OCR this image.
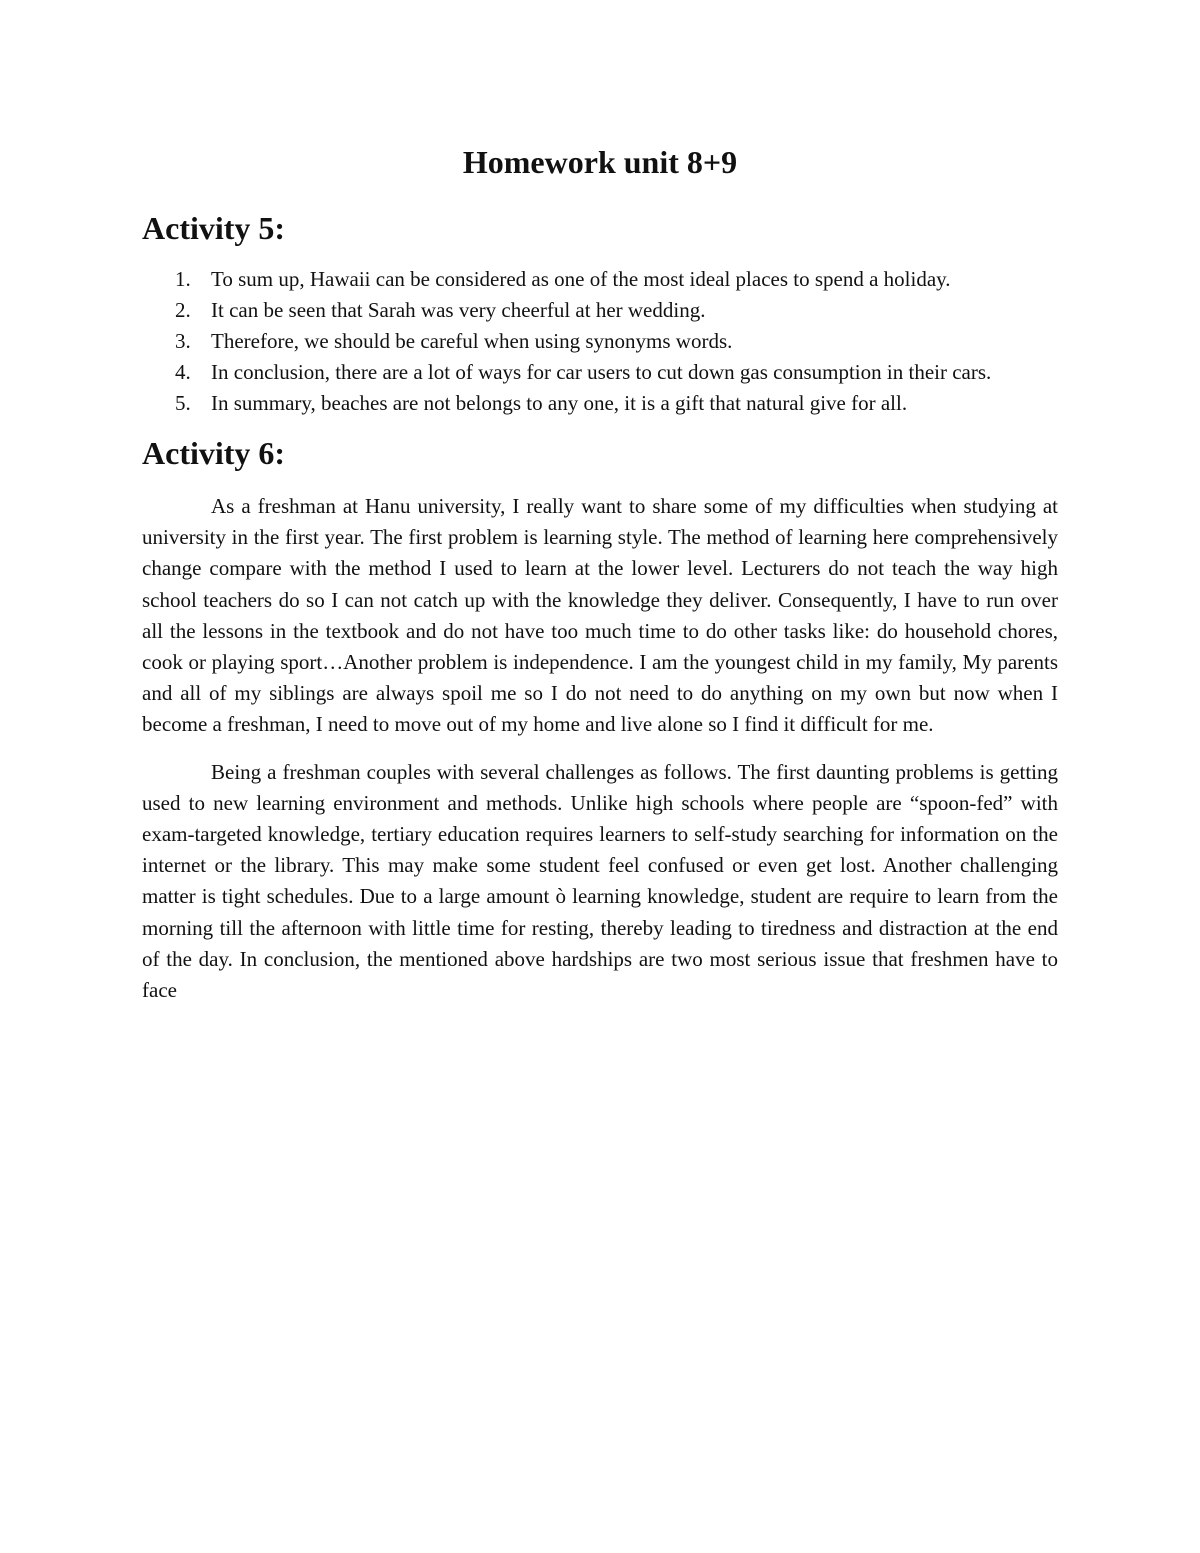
Homework unit 8+9
Activity 5:
1. To sum up, Hawaii can be considered as one of the most ideal places to spend a holiday.
2. It can be seen that Sarah was very cheerful at her wedding.
3. Therefore, we should be careful when using synonyms words.
4. In conclusion, there are a lot of ways for car users to cut down gas consumption in their cars.
5. In summary, beaches are not belongs to any one, it is a gift that natural give for all.
Activity 6:

As a freshman at Hanu university, I really want to share some of my difficulties when studying at university in the first year. The first problem is learning style. The method of learning here comprehensively change compare with the method I used to learn at the lower level. Lecturers do not teach the way high school teachers do so I can not catch up with the knowledge they deliver. Consequently, I have to run over all the lessons in the textbook and do not have too much time to do other tasks like: do household chores, cook or playing sport…Another problem is independence. I am the youngest child in my family, My parents and all of my siblings are always spoil me so I do not need to do anything on my own but now when I become a freshman, I need to move out of my home and live alone so I find it difficult for me.

Being a freshman couples with several challenges as follows. The first daunting problems is getting used to new learning environment and methods. Unlike high schools where people are “spoon-fed” with exam-targeted knowledge, tertiary education requires learners to self-study searching for information on the internet or the library. This may make some student feel confused or even get lost. Another challenging matter is tight schedules. Due to a large amount ò learning knowledge, student are require to learn from the morning till the afternoon with little time for resting, thereby leading to tiredness and distraction at the end of the day. In conclusion, the mentioned above hardships are two most serious issue that freshmen have to face
